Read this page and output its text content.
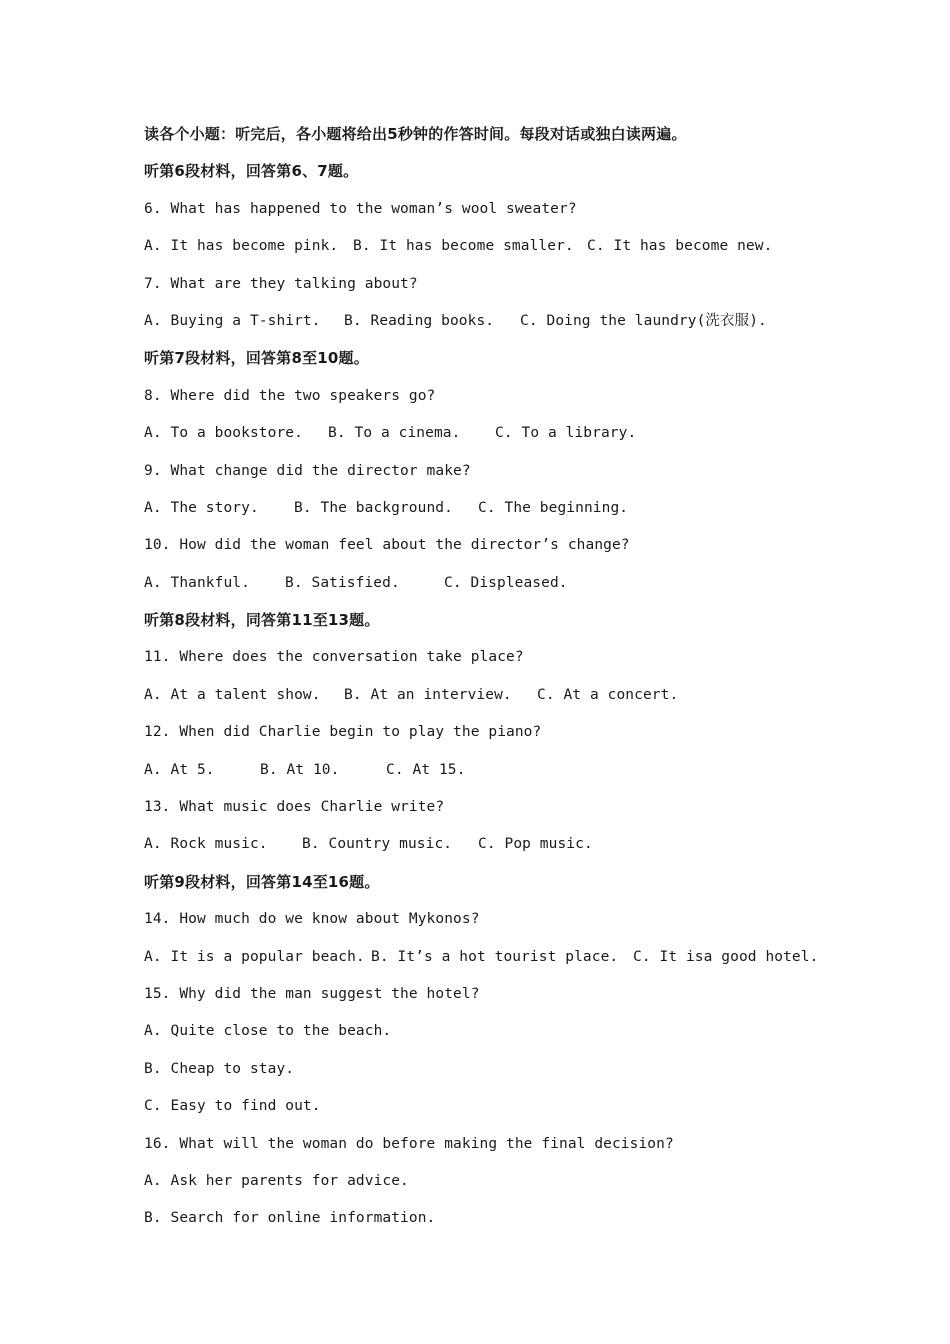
读各个小题：听完后，各小题将给出5秒钟的作答时间。每段对话或独白读两遍。
听第6段材料，回答第6、7题。
6. What has happened to the woman’s wool sweater?
A. It has become pink. B. It has become smaller. C. It has become new.
7. What are they talking about?
A. Buying a T-shirt. B. Reading books. C. Doing the laundry(洗衣服).
听第7段材料，回答第8至10题。
8. Where did the two speakers go?
A. To a bookstore. B. To a cinema. C. To a library.
9. What change did the director make?
A. The story. B. The background. C. The beginning.
10. How did the woman feel about the director’s change?
A. Thankful. B. Satisfied.	C. Displeased.
听第8段材料，同答第11至13题。
11. Where does the conversation take place?
A. At a talent show. B. At an interview. C. At a concert.
12. When did Charlie begin to play the piano?
A. At 5.	B. At 10.	C. At 15.
13. What music does Charlie write?
A. Rock music. B. Country music. C. Pop music.
听第9段材料，回答第14至16题。
14. How much do we know about Mykonos?
A. It is a popular beach. B. It’s a hot tourist place. C. It isa good hotel.
15. Why did the man suggest the hotel?
A. Quite close to the beach.
B. Cheap to stay.
C. Easy to find out.
16. What will the woman do before making the final decision?
A. Ask her parents for advice.
B. Search for online information.
